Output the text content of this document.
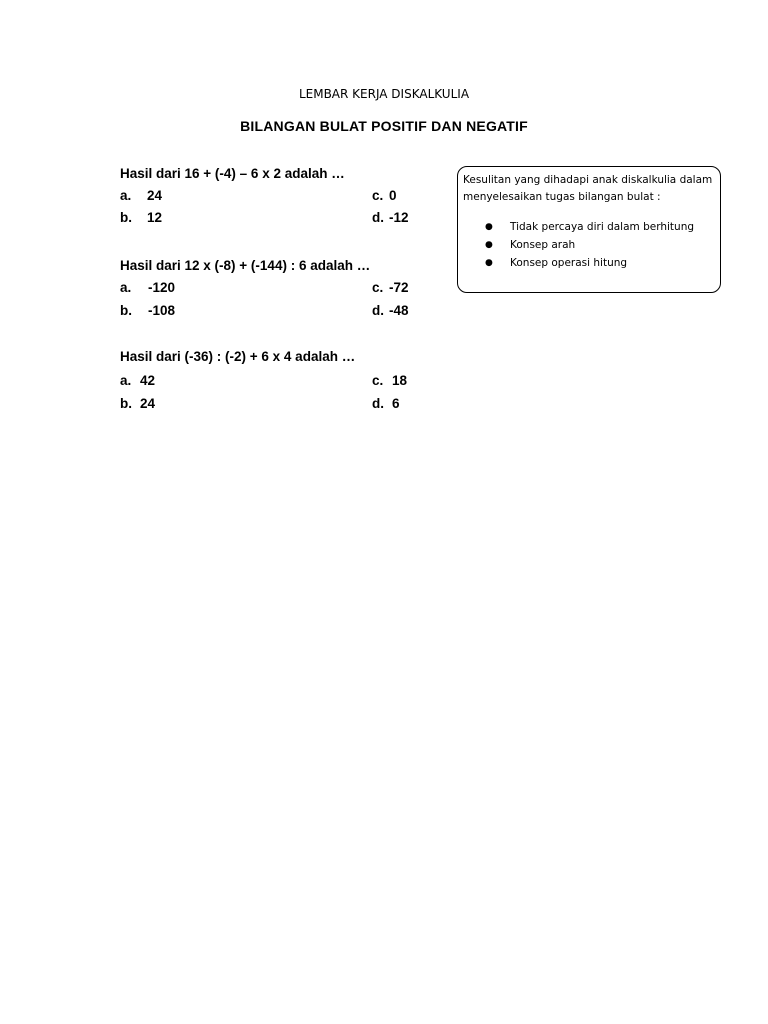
LEMBAR KERJA DISKALKULIA
BILANGAN BULAT POSITIF DAN NEGATIF
Hasil dari 16 + (-4) – 6 x 2 adalah …
a. 24
b. 12
c. 0
d. -12
Hasil dari 12 x (-8) + (-144) : 6 adalah …
a. -120
b. -108
c. -72
d. -48
Hasil dari (-36) : (-2) + 6 x 4 adalah …
a. 42
b. 24
c. 18
d. 6
Kesulitan yang dihadapi anak diskalkulia dalam menyelesaikan tugas bilangan bulat :
● Tidak percaya diri dalam berhitung
● Konsep arah
● Konsep operasi hitung
